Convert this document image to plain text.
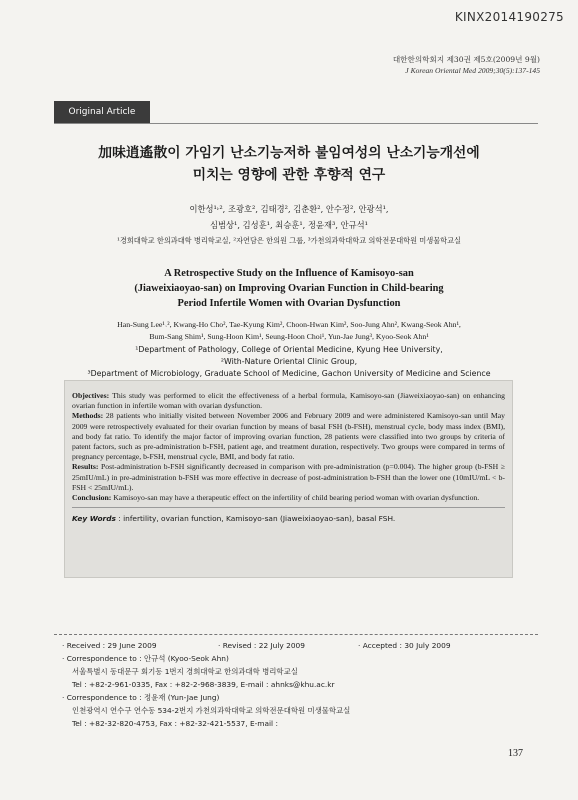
KINX2014190275
대한한의학회지 제30권 제5호(2009년 9월)
J Korean Oriental Med 2009;30(5):137-145
Original Article
加味逍遙散이 가임기 난소기능저하 불임여성의 난소기능개선에
미치는 영향에 관한 후향적 연구
이한성¹˒², 조광호², 김태경², 김춘환², 안수정², 안광석¹,
심범상¹, 김성훈¹, 최승훈¹, 정윤재³, 안규석¹
¹경희대학교 한의과대학 병리학교실, ²자연담은 한의원 그룹, ³가천의과학대학교 의학전문대학원 미생물학교실
A Retrospective Study on the Influence of Kamisoyo-san
(Jiaweixiaoyao-san) on Improving Ovarian Function in Child-bearing
Period Infertile Women with Ovarian Dysfunction
Han-Sung Lee¹˒², Kwang-Ho Cho², Tae-Kyung Kim², Choon-Hwan Kim², Soo-Jung Ahn², Kwang-Seok Ahn¹,
Bum-Sang Shim¹, Sung-Hoon Kim¹, Seung-Hoon Choi¹, Yun-Jae Jung³, Kyoo-Seok Ahn¹
¹Department of Pathology, College of Oriental Medicine, Kyung Hee University,
²With-Nature Oriental Clinic Group,
³Department of Microbiology, Graduate School of Medicine, Gachon University of Medicine and Science

Objectives: This study was performed to elicit the effectiveness of a herbal formula, Kamisoyo-san (Jiaweixiaoyao-san) on enhancing ovarian function in infertile woman with ovarian dysfunction.

Methods: 28 patients who initially visited between November 2006 and February 2009 and were administered Kamisoyo-san until May 2009 were retrospectively evaluated for their ovarian function by means of basal FSH (b-FSH), menstrual cycle, body mass index (BMI), and body fat ratio. To identify the major factor of improving ovarian function, 28 patients were classified into two groups by criteria of patent factors, such as pre-administration b-FSH, patient age, and treatment duration, respectively. Two groups were compared in terms of pregnancy percentage, b-FSH, menstrual cycle, BMI, and body fat ratio.

Results: Post-administration b-FSH significantly decreased in comparison with pre-administration (p=0.004). The higher group (b-FSH ≥ 25mIU/mL) in pre-administration b-FSH was more effective in decrease of post-administration b-FSH than the lower one (10mIU/mL < b-FSH < 25mIU/mL).

Conclusion: Kamisoyo-san may have a therapeutic effect on the infertility of child bearing period woman with ovarian dysfunction.

Key Words : infertility, ovarian function, Kamisoyo-san (Jiaweixiaoyao-san), basal FSH.
· Received : 29 June 2009	· Revised : 22 July 2009	· Accepted : 30 July 2009
· Correspondence to : 안규석 (Kyoo-Seok Ahn)
서울특별시 동대문구 회기동 1번지 경희대학교 한의과대학 병리학교실
Tel : +82-2-961-0335, Fax : +82-2-968-3839, E-mail : ahnks@khu.ac.kr
· Correspondence to : 정윤재 (Yun-Jae Jung)
인천광역시 연수구 연수동 534-2번지 가천의과학대학교 의학전문대학원 미생물학교실
Tel : +82-32-820-4753, Fax : +82-32-421-5537, E-mail :
137
